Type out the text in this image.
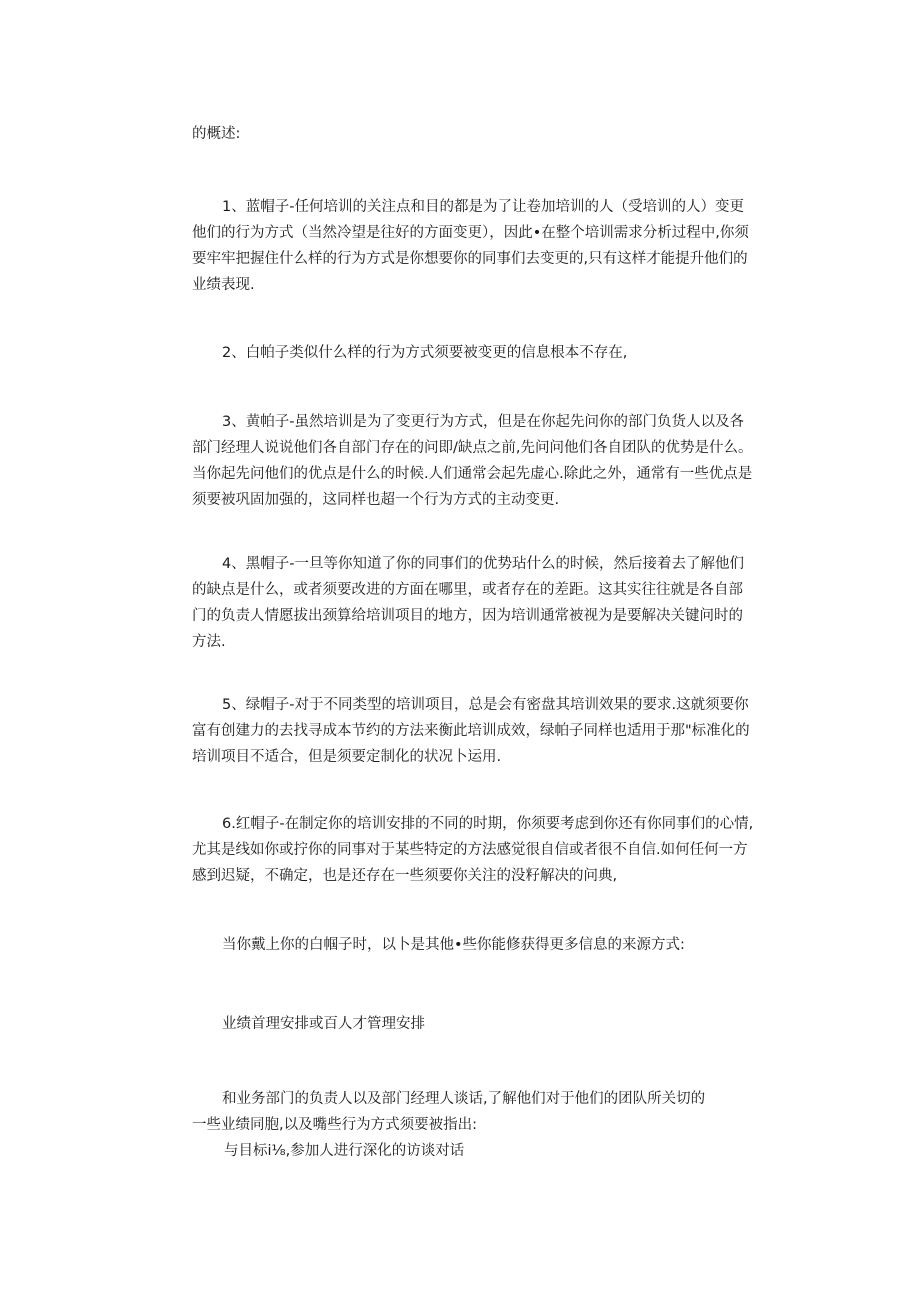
的概述:

1、蓝帽子-任何培训的关注点和目的都是为了让卷加培训的人（受培训的人）变更
他们的行为方式（当然冷望是往好的方面变更），因此•在整个培训需求分析过程中,你须
要牢牢把握住什么样的行为方式是你想要你的同事们去变更的,只有这样才能提升他们的
业绩表现.

2、白帕子类似什么样的行为方式须要被变更的信息根本不存在,

3、黄帕子-虽然培训是为了变更行为方式，但是在你起先问你的部门负货人以及各
部门经理人说说他们各自部门存在的问即/缺点之前,先问问他们各自团队的优势是什么。
当你起先问他们的优点是什么的时候.人们通常会起先虚心.除此之外，通常有一些优点是
须要被巩固加强的，这同样也超一个行为方式的主动变更.

4、黑帽子-一旦等你知道了你的同事们的优势玷什么的时候，然后接着去了解他们
的缺点是什么，或者须要改进的方面在哪里，或者存在的差距。这其实往往就是各自部
门的负责人情愿拔出颈算给培训项目的地方，因为培训通常被视为是要解决关键问时的
方法.

5、绿帽子-对于不同类型的培训项目，总是会有密盘其培训效果的要求.这就须要你
富有创建力的去找寻成本节约的方法来衡此培训成效，绿帕子同样也适用于那"标准化的
培训项目不适合，但是须要定制化的状况卜运用.

6.红帽子-在制定你的培训安排的不同的时期，你须要考虑到你还有你同事们的心情,
尤其是线如你或拧你的同事对于某些特定的方法感觉很自信或者很不自信.如何任何一方
感到迟疑，不确定，也是还存在一些须要你关注的没籽解决的问典,

当你戴上你的白帼子时，以卜是其他•些你能修获得更多信息的来源方式:

业绩首理安排或百人才管理安排

和业务部门的负责人以及部门经理人谈话,了解他们对于他们的团队所关切的
一些业绩同胞,以及嘴些行为方式须要被指出:
与目标i⅛,参加人进行深化的访谈对话
